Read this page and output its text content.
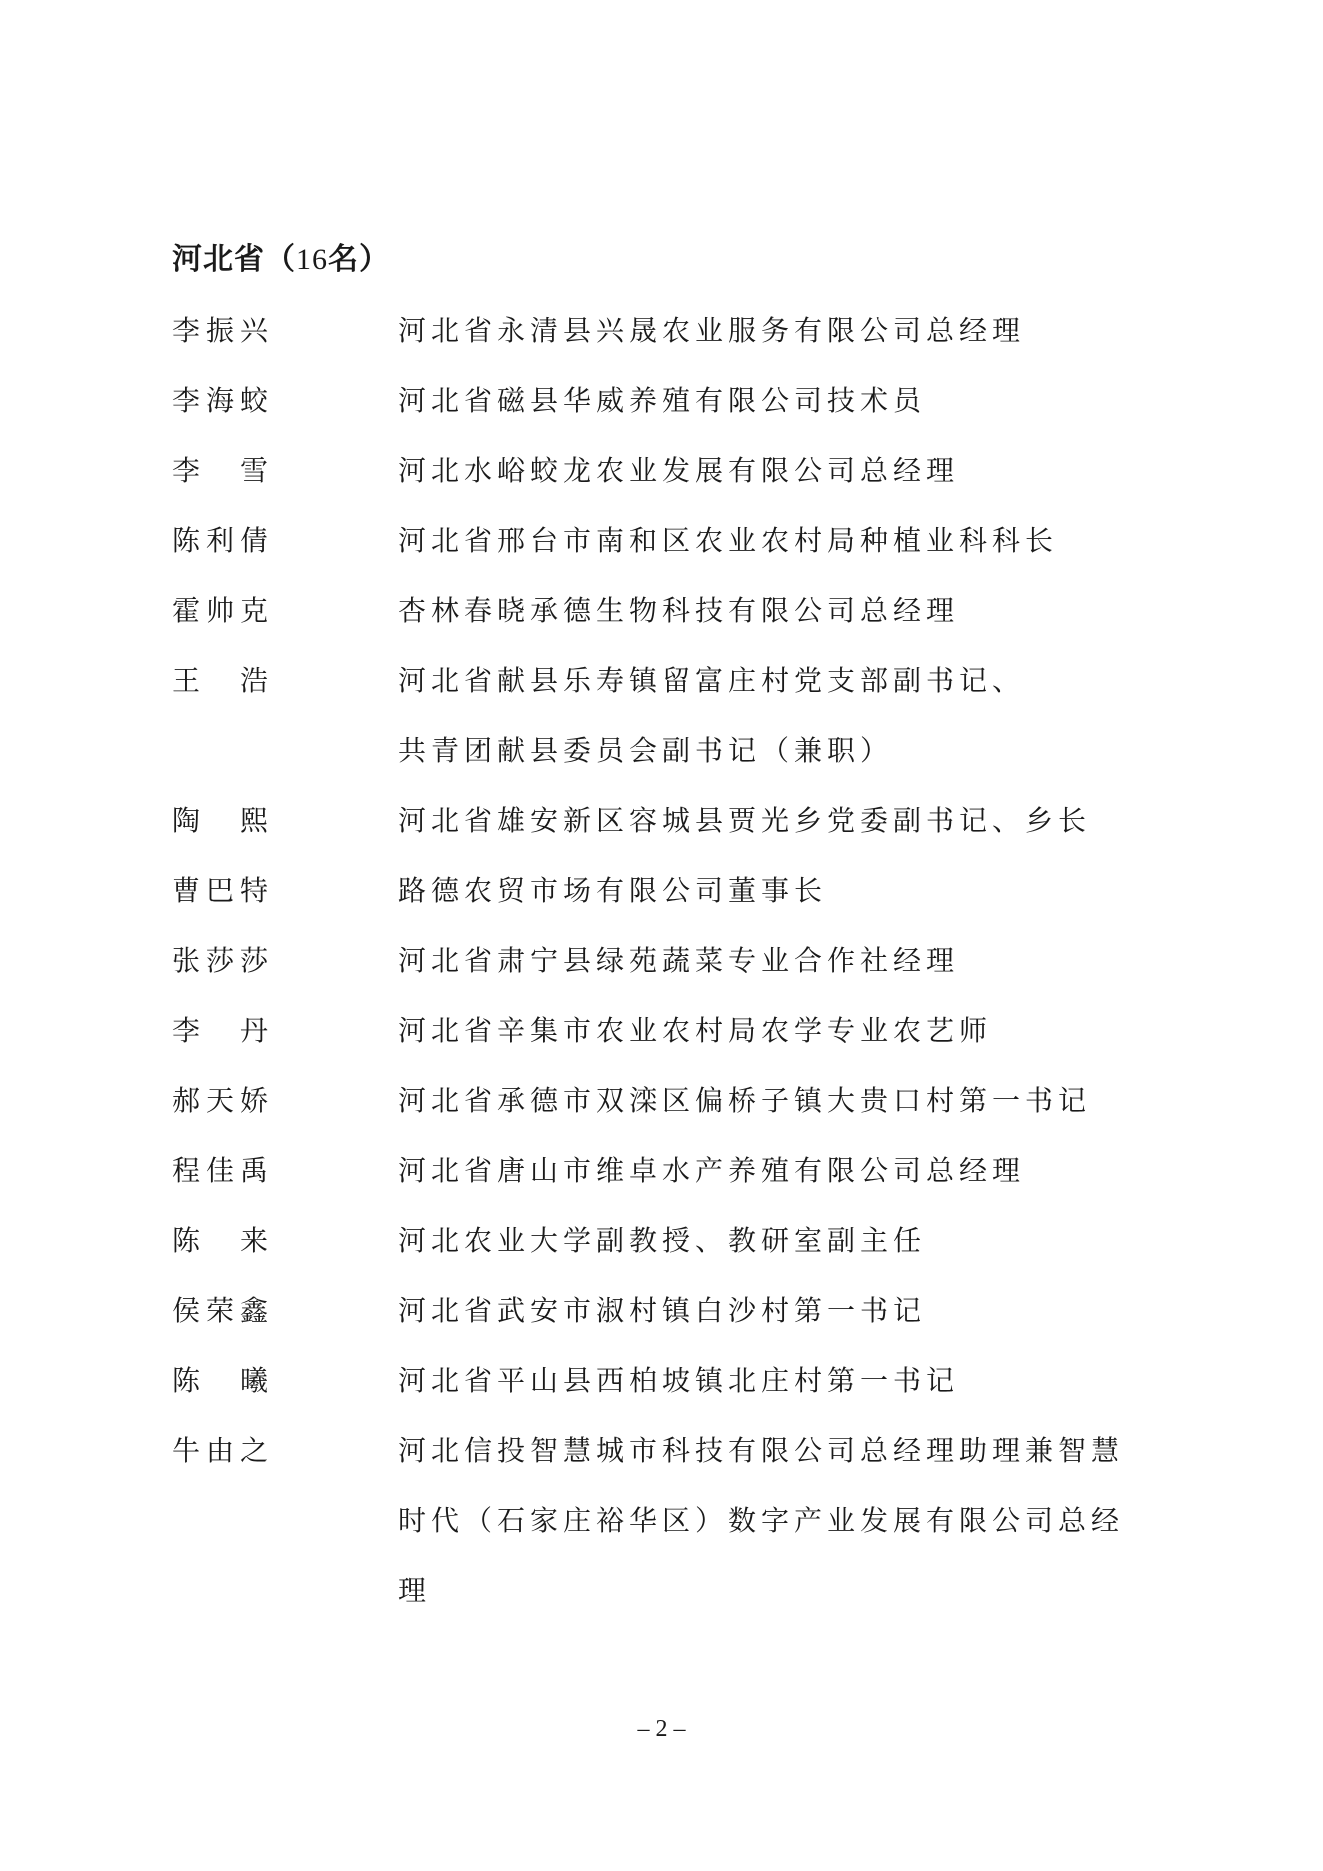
河北省（16名）
李振兴	河北省永清县兴晟农业服务有限公司总经理
李海蛟	河北省磁县华威养殖有限公司技术员
李　雪	河北水峪蛟龙农业发展有限公司总经理
陈利倩	河北省邢台市南和区农业农村局种植业科科长
霍帅克	杏林春晓承德生物科技有限公司总经理
王　浩	河北省献县乐寿镇留富庄村党支部副书记、
共青团献县委员会副书记（兼职）
陶　熙	河北省雄安新区容城县贾光乡党委副书记、乡长
曹巴特	路德农贸市场有限公司董事长
张莎莎	河北省肃宁县绿苑蔬菜专业合作社经理
李　丹	河北省辛集市农业农村局农学专业农艺师
郝天娇	河北省承德市双滦区偏桥子镇大贵口村第一书记
程佳禹	河北省唐山市维卓水产养殖有限公司总经理
陈　来	河北农业大学副教授、教研室副主任
侯荣鑫	河北省武安市淑村镇白沙村第一书记
陈　曦	河北省平山县西柏坡镇北庄村第一书记
牛由之	河北信投智慧城市科技有限公司总经理助理兼智慧
时代（石家庄裕华区）数字产业发展有限公司总经
理
– 2 –
